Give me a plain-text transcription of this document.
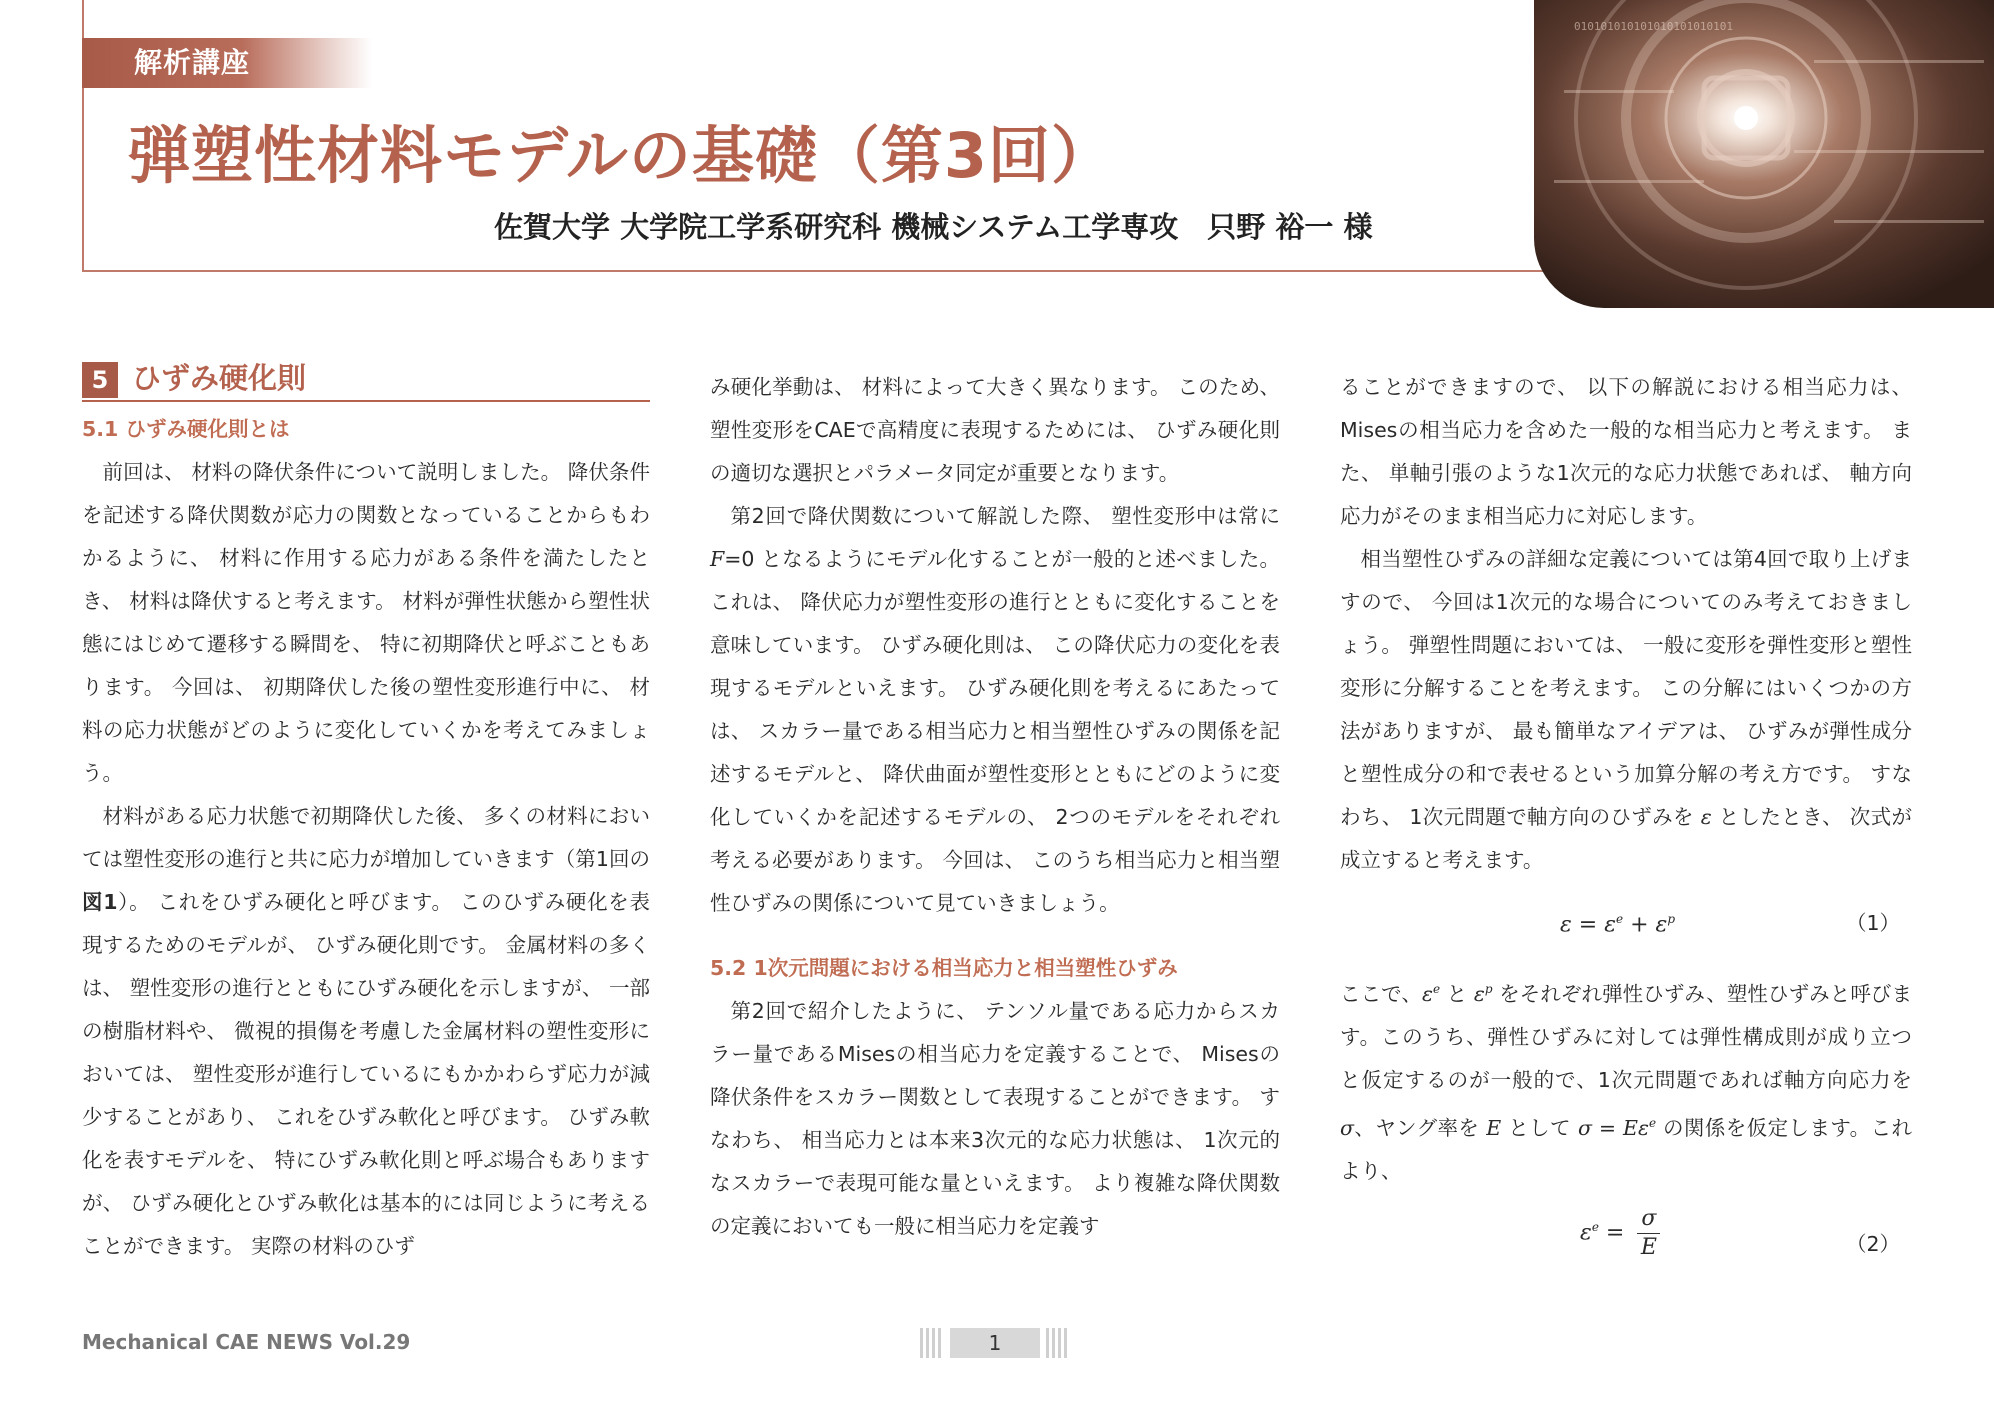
解析講座
弾塑性材料モデルの基礎（第3回）
佐賀大学 大学院工学系研究科 機械システム工学専攻　只野 裕一 様
010101010101010101010101
5 ひずみ硬化則

5.1 ひずみ硬化則とは

前回は、 材料の降伏条件について説明しました。 降伏条件を記述する降伏関数が応力の関数となっていることからもわかるように、 材料に作用する応力がある条件を満たしたとき、 材料は降伏すると考えます。 材料が弾性状態から塑性状態にはじめて遷移する瞬間を、 特に初期降伏と呼ぶこともあります。 今回は、 初期降伏した後の塑性変形進行中に、 材料の応力状態がどのように変化していくかを考えてみましょう。

材料がある応力状態で初期降伏した後、 多くの材料においては塑性変形の進行と共に応力が増加していきます（第1回の図1）。 これをひずみ硬化と呼びます。 このひずみ硬化を表現するためのモデルが、 ひずみ硬化則です。 金属材料の多くは、 塑性変形の進行とともにひずみ硬化を示しますが、 一部の樹脂材料や、 微視的損傷を考慮した金属材料の塑性変形においては、 塑性変形が進行しているにもかかわらず応力が減少することがあり、 これをひずみ軟化と呼びます。 ひずみ軟化を表すモデルを、 特にひずみ軟化則と呼ぶ場合もありますが、 ひずみ硬化とひずみ軟化は基本的には同じように考えることができます。 実際の材料のひず

み硬化挙動は、 材料によって大きく異なります。 このため、 塑性変形をCAEで高精度に表現するためには、 ひずみ硬化則の適切な選択とパラメータ同定が重要となります。

第2回で降伏関数について解説した際、 塑性変形中は常にF=0 となるようにモデル化することが一般的と述べました。 これは、 降伏応力が塑性変形の進行とともに変化することを意味しています。 ひずみ硬化則は、 この降伏応力の変化を表現するモデルといえます。 ひずみ硬化則を考えるにあたっては、 スカラー量である相当応力と相当塑性ひずみの関係を記述するモデルと、 降伏曲面が塑性変形とともにどのように変化していくかを記述するモデルの、 2つのモデルをそれぞれ考える必要があります。 今回は、 このうち相当応力と相当塑性ひずみの関係について見ていきましょう。

5.2 1次元問題における相当応力と相当塑性ひずみ

第2回で紹介したように、 テンソル量である応力からスカラー量であるMisesの相当応力を定義することで、 Misesの降伏条件をスカラー関数として表現することができます。 すなわち、 相当応力とは本来3次元的な応力状態は、 1次元的なスカラーで表現可能な量といえます。 より複雑な降伏関数の定義においても一般に相当応力を定義す

ることができますので、 以下の解説における相当応力は、 Misesの相当応力を含めた一般的な相当応力と考えます。 また、 単軸引張のような1次元的な応力状態であれば、 軸方向応力がそのまま相当応力に対応します。

相当塑性ひずみの詳細な定義については第4回で取り上げますので、 今回は1次元的な場合についてのみ考えておきましょう。 弾塑性問題においては、 一般に変形を弾性変形と塑性変形に分解することを考えます。 この分解にはいくつかの方法がありますが、 最も簡単なアイデアは、 ひずみが弾性成分と塑性成分の和で表せるという加算分解の考え方です。 すなわち、 1次元問題で軸方向のひずみを ε としたとき、 次式が成立すると考えます。

$\varepsilon = \varepsilon^e + \varepsilon^p$	（1）

ここで、$\varepsilon^e$ と $\varepsilon^p$ をそれぞれ弾性ひずみ、塑性ひずみと呼びます。このうち、弾性ひずみに対しては弾性構成則が成り立つと仮定するのが一般的で、1次元問題であれば軸方向応力を σ、ヤング率を E として $\sigma = E\varepsilon^e$ の関係を仮定します。これより、

$\varepsilon^e = \frac{\sigma}{E}$	（2）
Mechanical CAE NEWS Vol.29	1
